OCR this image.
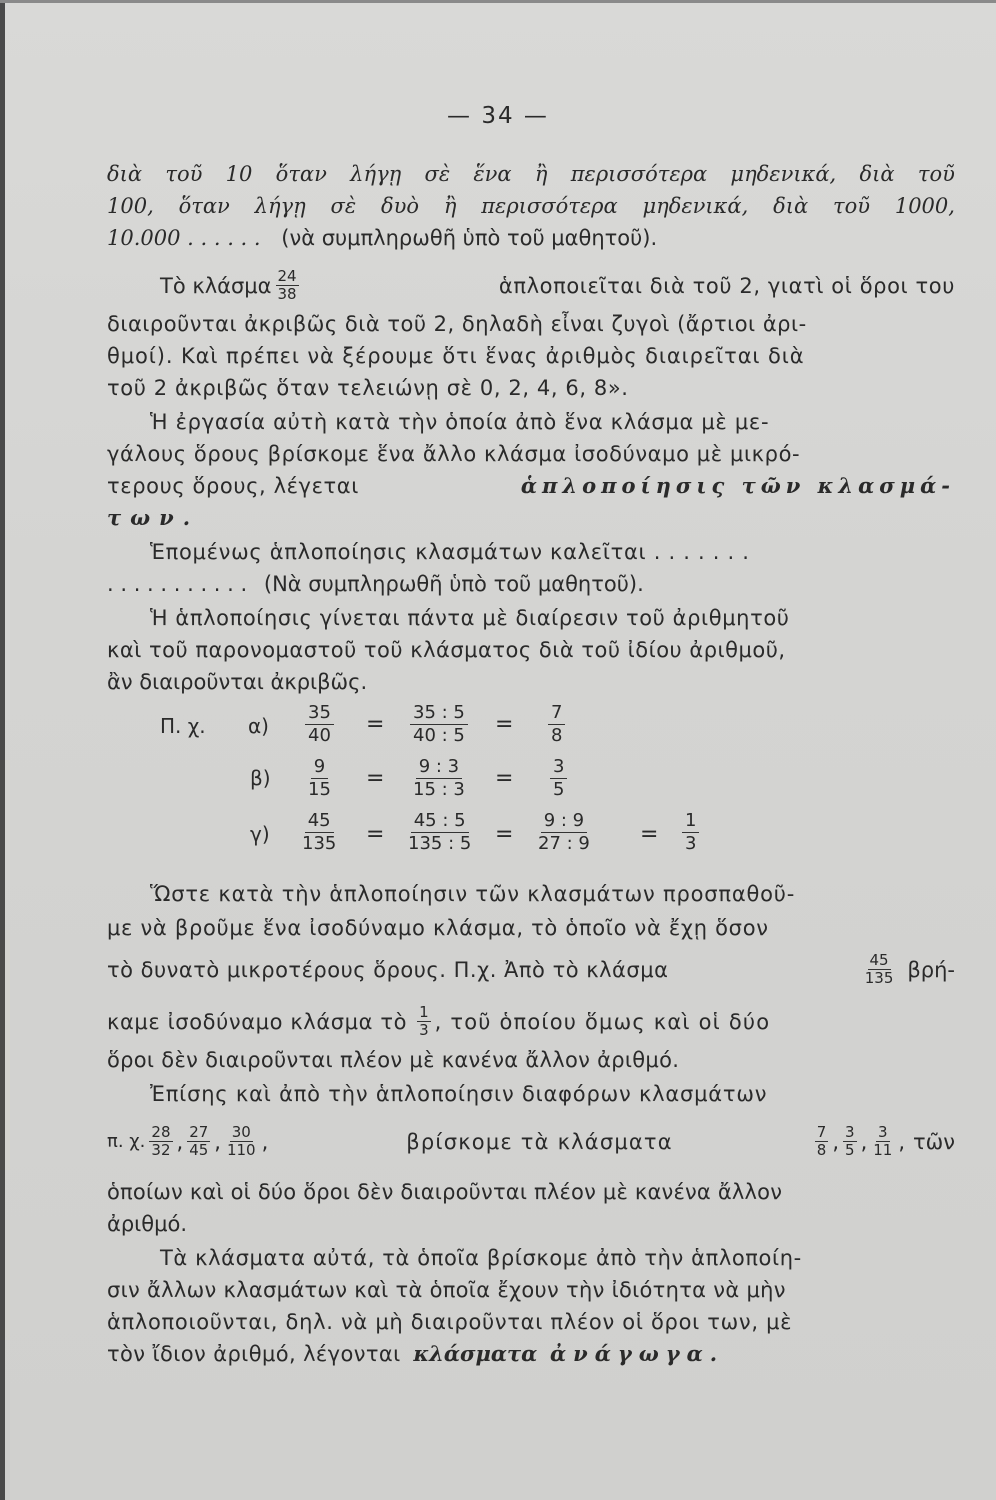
— 34 —
διὰ τοῦ 10 ὅταν λήγῃ σὲ ἕνα ἢ περισσότερα μηδενικά, διὰ τοῦ
100, ὅταν λήγῃ σὲ δυὸ ἢ περισσότερα μηδενικά, διὰ τοῦ 1000,
10.000 . . . . . . (νὰ συμπληρωθῆ ὑπὸ τοῦ μαθητοῦ).
Τὸ κλάσμα $\frac{24}{38}$	ἁπλοποιεῖται διὰ τοῦ 2, γιατὶ οἱ ὅροι του
διαιροῦνται ἀκριβῶς διὰ τοῦ 2, δηλαδὴ εἶναι ζυγοὶ (ἄρτιοι ἀρι-
θμοί). Καὶ πρέπει νὰ ξέρουμε ὅτι ἕνας ἀριθμὸς διαιρεῖται διὰ
τοῦ 2 ἀκριβῶς ὅταν τελειώνῃ σὲ 0, 2, 4, 6, 8».
Ἡ ἐργασία αὐτὴ κατὰ τὴν ὁποία ἀπὸ ἕνα κλάσμα μὲ με-
γάλους ὅρους βρίσκομε ἕνα ἄλλο κλάσμα ἰσοδύναμο μὲ μικρό-
τερους ὅρους, λέγεται	ἁπλοποίησις τῶν κλασμά-
των.
Ἑπομένως ἁπλοποίησις κλασμάτων καλεῖται . . . . . . .
. . . . . . . . . . . (Νὰ συμπληρωθῆ ὑπὸ τοῦ μαθητοῦ).
Ἡ ἁπλοποίησις γίνεται πάντα μὲ διαίρεσιν τοῦ ἀριθμητοῦ
καὶ τοῦ παρονομαστοῦ τοῦ κλάσματος διὰ τοῦ ἰδίου ἀριθμοῦ,
ἂν διαιροῦνται ἀκριβῶς.
Π. χ. $\alpha) \frac{35}{40} = \frac{35 : 5}{40 : 5} = \frac{7}{8}$
$\beta) \frac{9}{15} = \frac{9 : 3}{15 : 3} = \frac{3}{5}$
$\gamma) \frac{45}{135} = \frac{45 : 5}{135 : 5} = \frac{9 : 9}{27 : 9} = \frac{1}{3}$
Ὥστε κατὰ τὴν ἁπλοποίησιν τῶν κλασμάτων προσπαθοῦ-
με νὰ βροῦμε ἕνα ἰσοδύναμο κλάσμα, τὸ ὁποῖο νὰ ἔχῃ ὅσον
τὸ δυνατὸ μικροτέρους ὅρους. Π.χ. Ἀπὸ τὸ κλάσμα	$\frac{45}{135} \beta\rho ή-$
καμε ἰσοδύναμο κλάσμα τὸ $\frac{1}{3}$ , τοῦ ὁποίου ὅμως καὶ οἱ δύο
ὅροι δὲν διαιροῦνται πλέον μὲ κανένα ἄλλον ἀριθμό.
Ἐπίσης καὶ ἀπὸ τὴν ἁπλοποίησιν διαφόρων κλασμάτων
π. χ. $\frac{28}{32}$ , $\frac{27}{45}$ , $\frac{30}{110}$ ,	βρίσκομε τὰ κλάσματα	$\frac{7}{8}$ , $\frac{3}{5}$ , $\frac{3}{11}$ , τῶν
ὁποίων καὶ οἱ δύο ὅροι δὲν διαιροῦνται πλέον μὲ κανένα ἄλλον
ἀριθμό.
Τὰ κλάσματα αὐτά, τὰ ὁποῖα βρίσκομε ἀπὸ τὴν ἁπλοποίη-
σιν ἄλλων κλασμάτων καὶ τὰ ὁποῖα ἔχουν τὴν ἰδιότητα νὰ μὴν
ἁπλοποιοῦνται, δηλ. νὰ μὴ διαιροῦνται πλέον οἱ ὅροι των, μὲ
τὸν ἴδιον ἀριθμό, λέγονται κλάσματα ἀνάγωγα.
